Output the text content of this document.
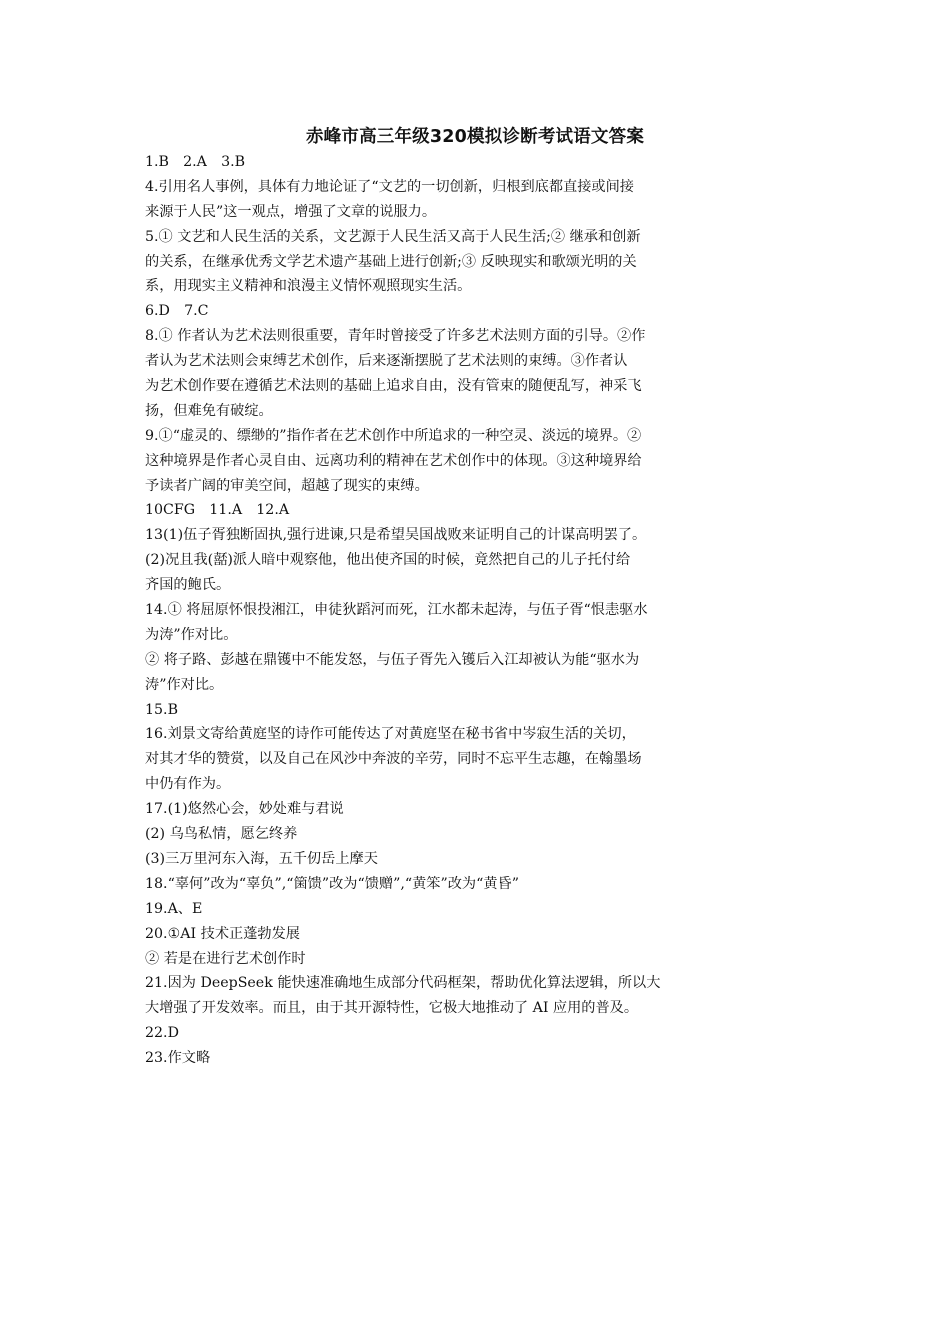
赤峰市高三年级320模拟诊断考试语文答案
1.B　2.A　3.B
4.引用名人事例，具体有力地论证了“文艺的一切创新，归根到底都直接或间接
来源于人民”这一观点，增强了文章的说服力。
5.① 文艺和人民生活的关系，文艺源于人民生活又高于人民生活;② 继承和创新
的关系，在继承优秀文学艺术遗产基础上进行创新;③ 反映现实和歌颂光明的关
系，用现实主义精神和浪漫主义情怀观照现实生活。
6.D　7.C
8.① 作者认为艺术法则很重要，青年时曾接受了许多艺术法则方面的引导。②作
者认为艺术法则会束缚艺术创作，后来逐渐摆脱了艺术法则的束缚。③作者认
为艺术创作要在遵循艺术法则的基础上追求自由，没有管束的随便乱写，神采飞
扬，但难免有破绽。
9.①“虚灵的、缥缈的”指作者在艺术创作中所追求的一种空灵、淡远的境界。②
这种境界是作者心灵自由、远离功利的精神在艺术创作中的体现。③这种境界给
予读者广阔的审美空间，超越了现实的束缚。
10CFG　11.A　12.A
13(1)伍子胥独断固执,强行进谏,只是希望吴国战败来证明自己的计谋高明罢了。
(2)况且我(嚭)派人暗中观察他，他出使齐国的时候，竟然把自己的儿子托付给
齐国的鲍氏。
14.① 将屈原怀恨投湘江，申徒狄蹈河而死，江水都未起涛，与伍子胥“恨恚驱水
为涛”作对比。
② 将子路、彭越在鼎镬中不能发怒，与伍子胥先入镬后入江却被认为能“驱水为
涛”作对比。
15.B
16.刘景文寄给黄庭坚的诗作可能传达了对黄庭坚在秘书省中岑寂生活的关切，
对其才华的赞赏，以及自己在风沙中奔波的辛劳，同时不忘平生志趣，在翰墨场
中仍有作为。
17.(1)悠然心会，妙处难与君说
(2) 乌鸟私情，愿乞终养
(3)三万里河东入海，五千仞岳上摩天
18.“辜何”改为“辜负”,“箘馈”改为“馈赠”,“黄笨”改为“黄昏”
19.A、E
20.①AI 技术正蓬勃发展
② 若是在进行艺术创作时
21.因为 DeepSeek 能快速准确地生成部分代码框架，帮助优化算法逻辑，所以大
大增强了开发效率。而且，由于其开源特性，它极大地推动了 AI 应用的普及。
22.D
23.作文略
